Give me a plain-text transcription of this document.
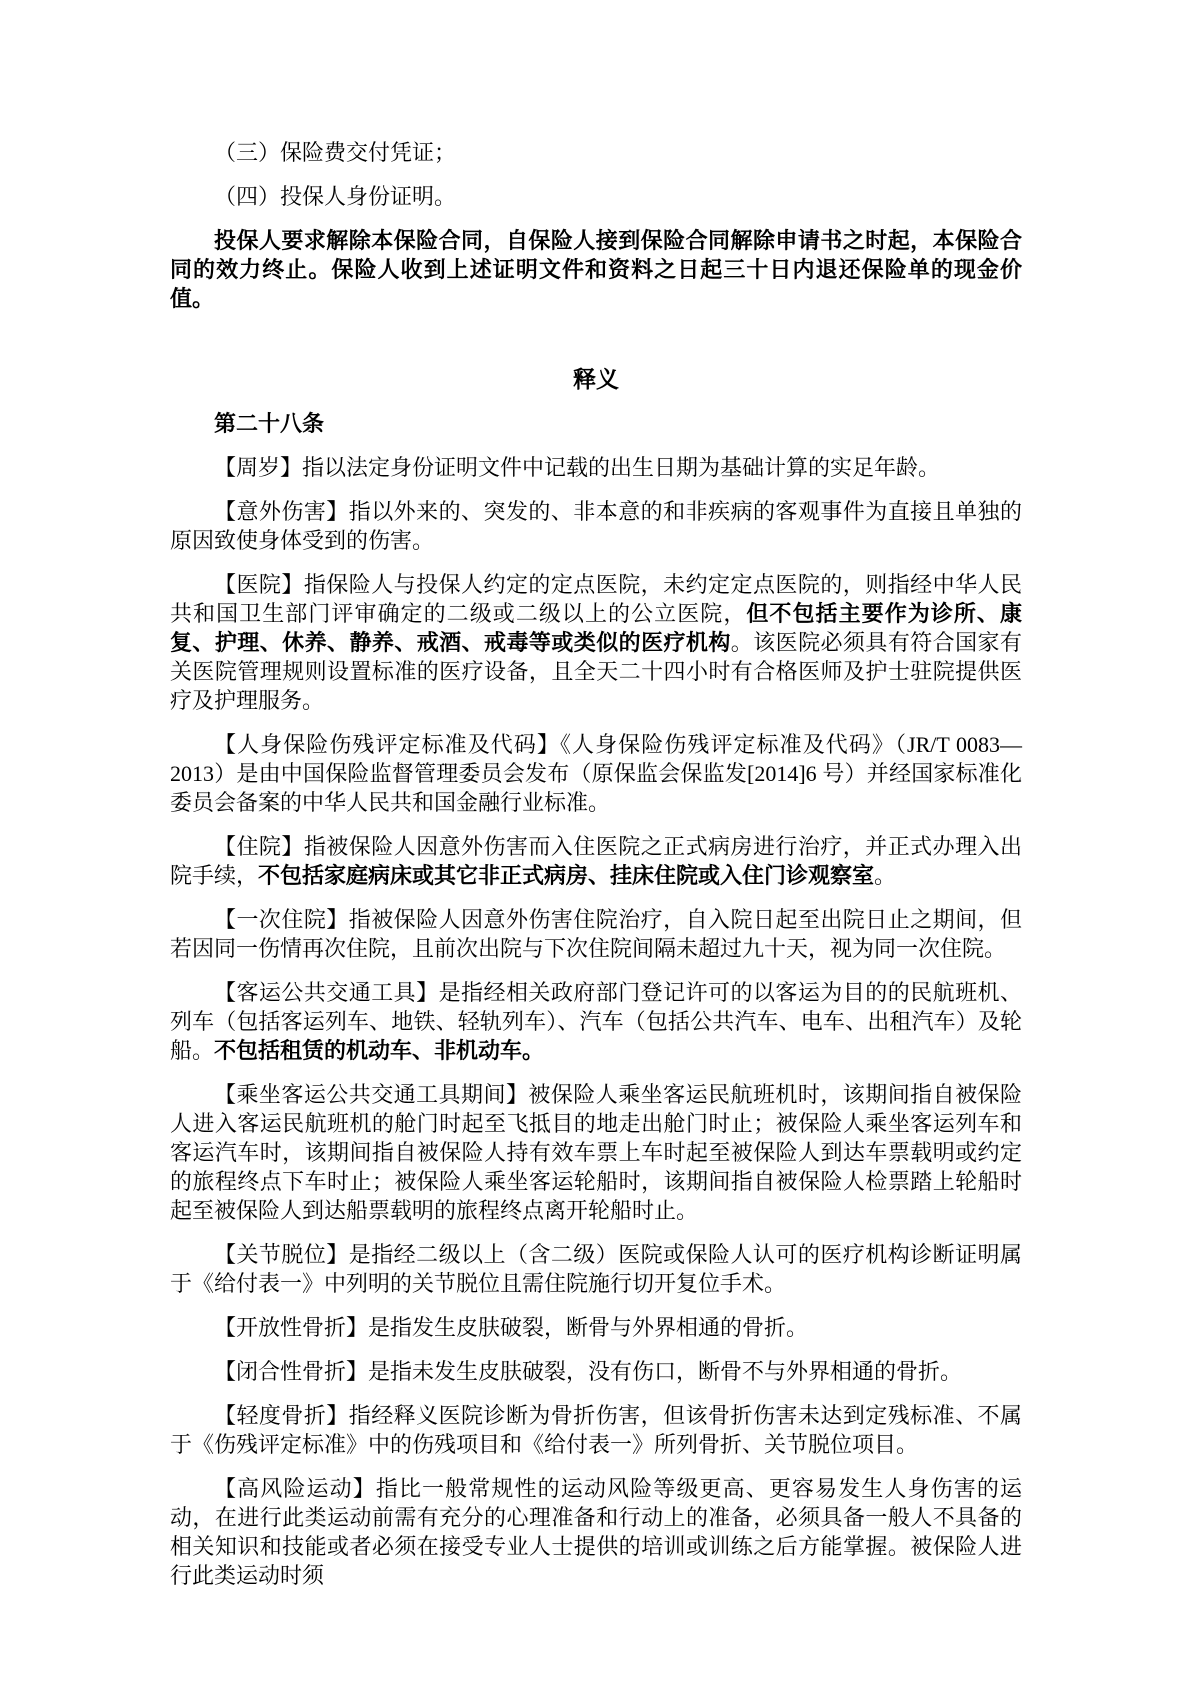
（三）保险费交付凭证；

（四）投保人身份证明。

投保人要求解除本保险合同，自保险人接到保险合同解除申请书之时起，本保险合同的效力终止。保险人收到上述证明文件和资料之日起三十日内退还保险单的现金价值。

释义

第二十八条

【周岁】指以法定身份证明文件中记载的出生日期为基础计算的实足年龄。

【意外伤害】指以外来的、突发的、非本意的和非疾病的客观事件为直接且单独的原因致使身体受到的伤害。

【医院】指保险人与投保人约定的定点医院，未约定定点医院的，则指经中华人民共和国卫生部门评审确定的二级或二级以上的公立医院，但不包括主要作为诊所、康复、护理、休养、静养、戒酒、戒毒等或类似的医疗机构。该医院必须具有符合国家有关医院管理规则设置标准的医疗设备，且全天二十四小时有合格医师及护士驻院提供医疗及护理服务。

【人身保险伤残评定标准及代码】《人身保险伤残评定标准及代码》（JR/T 0083—2013）是由中国保险监督管理委员会发布（原保监会保监发[2014]6 号）并经国家标准化委员会备案的中华人民共和国金融行业标准。

【住院】指被保险人因意外伤害而入住医院之正式病房进行治疗，并正式办理入出院手续，不包括家庭病床或其它非正式病房、挂床住院或入住门诊观察室。

【一次住院】指被保险人因意外伤害住院治疗，自入院日起至出院日止之期间，但若因同一伤情再次住院，且前次出院与下次住院间隔未超过九十天，视为同一次住院。

【客运公共交通工具】是指经相关政府部门登记许可的以客运为目的的民航班机、列车（包括客运列车、地铁、轻轨列车）、汽车（包括公共汽车、电车、出租汽车）及轮船。不包括租赁的机动车、非机动车。

【乘坐客运公共交通工具期间】被保险人乘坐客运民航班机时，该期间指自被保险人进入客运民航班机的舱门时起至飞抵目的地走出舱门时止；被保险人乘坐客运列车和客运汽车时，该期间指自被保险人持有效车票上车时起至被保险人到达车票载明或约定的旅程终点下车时止；被保险人乘坐客运轮船时，该期间指自被保险人检票踏上轮船时起至被保险人到达船票载明的旅程终点离开轮船时止。

【关节脱位】是指经二级以上（含二级）医院或保险人认可的医疗机构诊断证明属于《给付表一》中列明的关节脱位且需住院施行切开复位手术。

【开放性骨折】是指发生皮肤破裂，断骨与外界相通的骨折。

【闭合性骨折】是指未发生皮肤破裂，没有伤口，断骨不与外界相通的骨折。

【轻度骨折】指经释义医院诊断为骨折伤害，但该骨折伤害未达到定残标准、不属于《伤残评定标准》中的伤残项目和《给付表一》所列骨折、关节脱位项目。

【高风险运动】指比一般常规性的运动风险等级更高、更容易发生人身伤害的运动，在进行此类运动前需有充分的心理准备和行动上的准备，必须具备一般人不具备的相关知识和技能或者必须在接受专业人士提供的培训或训练之后方能掌握。被保险人进行此类运动时须
